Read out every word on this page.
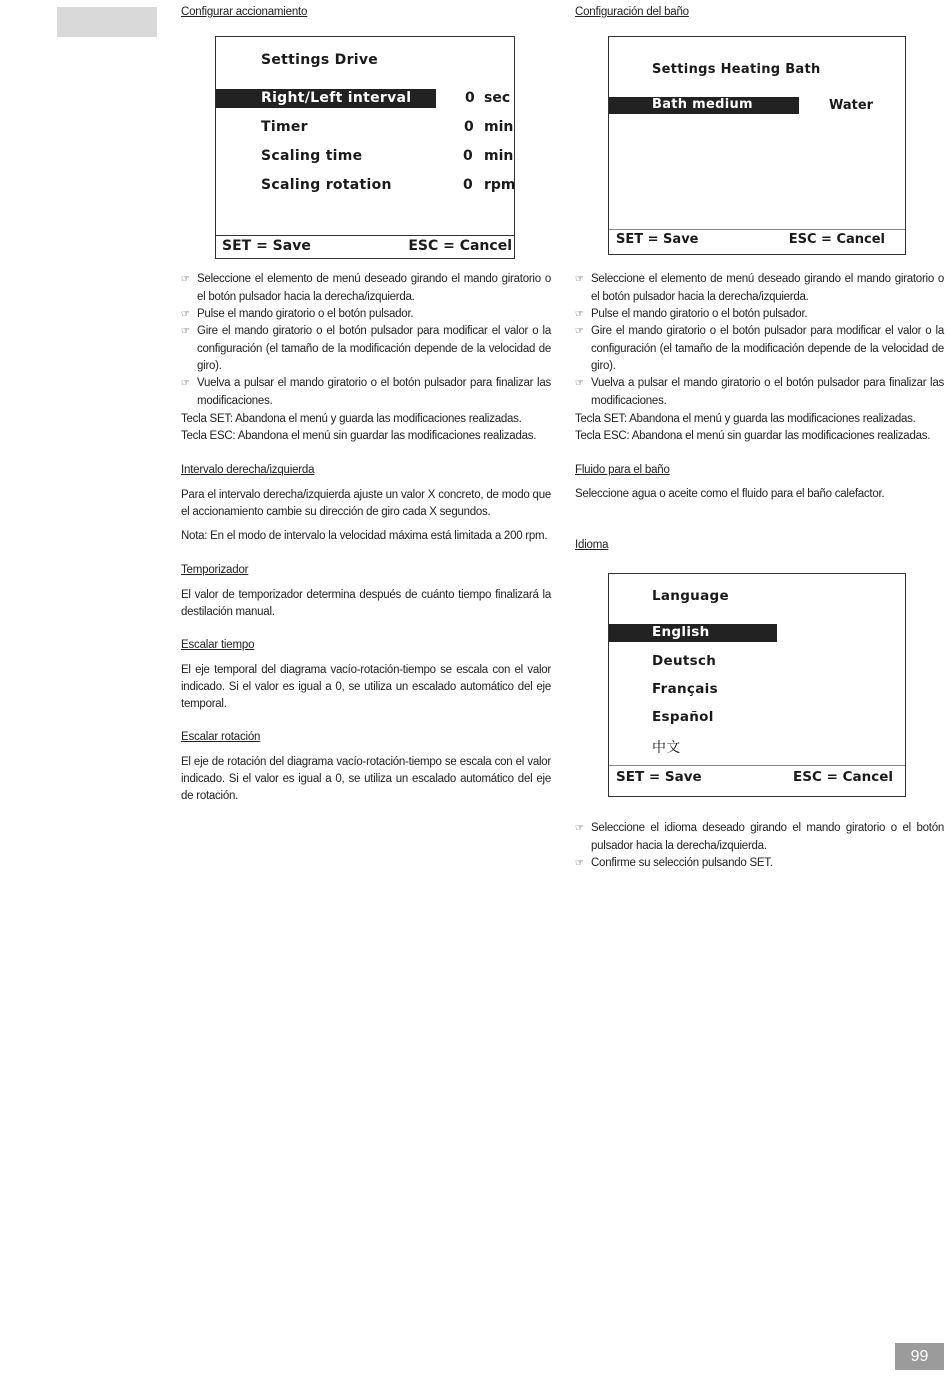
Configurar accionamiento
Settings Drive
Right/Left interval	0 sec
Timer	0 min
Scaling time	0 min
Scaling rotation	0 rpm
SET = Save	ESC = Cancel
☞ Seleccione el elemento de menú deseado girando el mando giratorio o el botón pulsador hacia la derecha/izquierda.
☞ Pulse el mando giratorio o el botón pulsador.
☞ Gire el mando giratorio o el botón pulsador para modificar el valor o la configuración (el tamaño de la modificación depende de la velocidad de giro).
☞ Vuelva a pulsar el mando giratorio o el botón pulsador para finalizar las modificaciones.
Tecla SET: Abandona el menú y guarda las modificaciones realizadas.
Tecla ESC: Abandona el menú sin guardar las modificaciones realizadas.
Intervalo derecha/izquierda

Para el intervalo derecha/izquierda ajuste un valor X concreto, de modo que el accionamiento cambie su dirección de giro cada X segundos.

Nota: En el modo de intervalo la velocidad máxima está limitada a 200 rpm.
Temporizador

El valor de temporizador determina después de cuánto tiempo finalizará la destilación manual.

Escalar tiempo

El eje temporal del diagrama vacío-rotación-tiempo se escala con el valor indicado. Si el valor es igual a 0, se utiliza un escalado automático del eje temporal.

Escalar rotación

El eje de rotación del diagrama vacío-rotación-tiempo se escala con el valor indicado. Si el valor es igual a 0, se utiliza un escalado automático del eje de rotación.

Configuración del baño
Settings Heating Bath
Bath medium	Water
SET = Save	ESC = Cancel
☞ Seleccione el elemento de menú deseado girando el mando giratorio o el botón pulsador hacia la derecha/izquierda.
☞ Pulse el mando giratorio o el botón pulsador.
☞ Gire el mando giratorio o el botón pulsador para modificar el valor o la configuración (el tamaño de la modificación depende de la velocidad de giro).
☞ Vuelva a pulsar el mando giratorio o el botón pulsador para finalizar las modificaciones.
Tecla SET: Abandona el menú y guarda las modificaciones realizadas.
Tecla ESC: Abandona el menú sin guardar las modificaciones realizadas.
Fluido para el baño
Seleccione agua o aceite como el fluido para el baño calefactor.
Idioma
Language
English
Deutsch
Français
Español
中文
SET = Save	ESC = Cancel
☞ Seleccione el idioma deseado girando el mando giratorio o el botón pulsador hacia la derecha/izquierda.
☞ Confirme su selección pulsando SET.
99
